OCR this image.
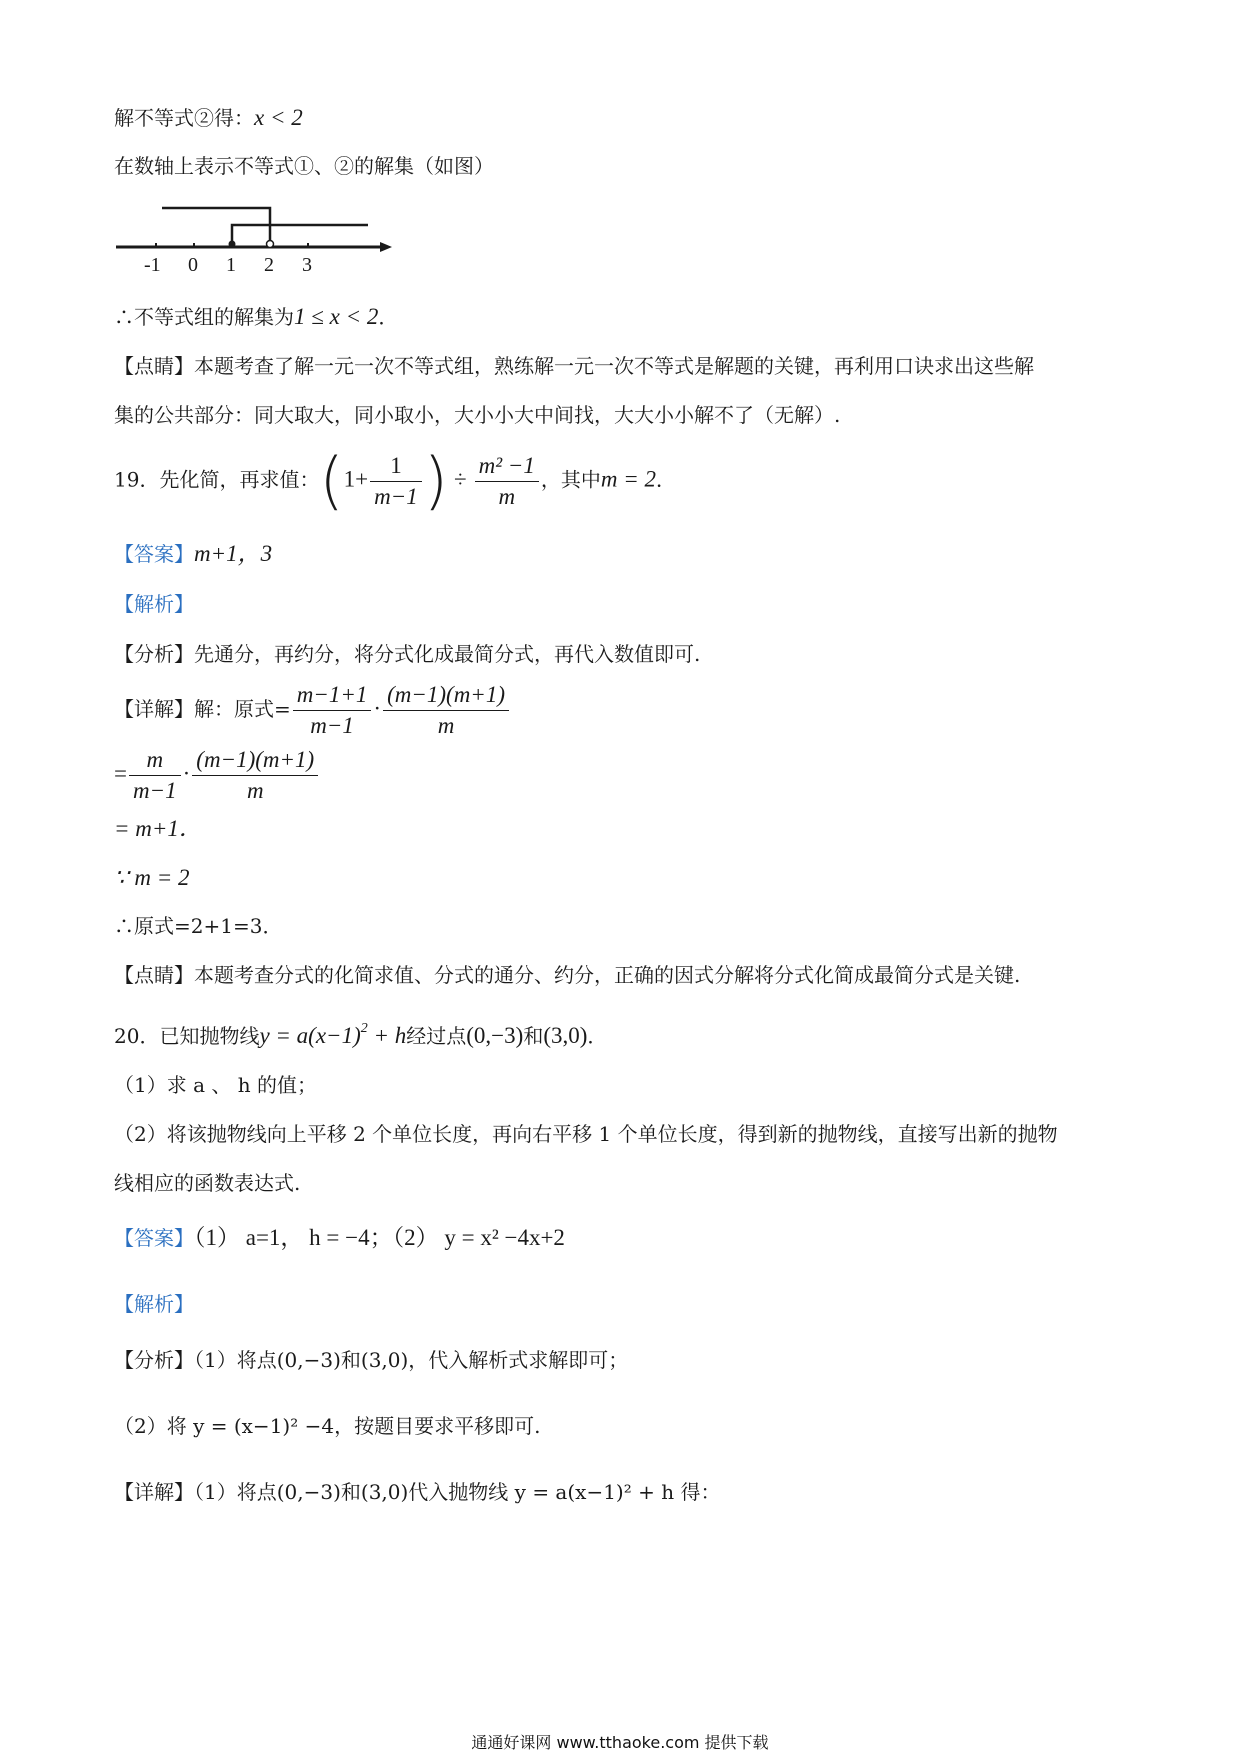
解不等式②得：x < 2
在数轴上表示不等式①、②的解集（如图）
-1 0 1 2 3
∴不等式组的解集为1 ≤ x < 2．
【点睛】本题考查了解一元一次不等式组，熟练解一元一次不等式是解题的关键，再利用口诀求出这些解
集的公共部分：同大取大，同小取小，大小小大中间找，大大小小解不了（无解）.
19．先化简，再求值：($1+ \frac{1}{m-1}$ ) ÷ $\frac{\text{m² −1}}{m}$ ，其中m = 2．
【答案】m+1，3
【解析】
【分析】先通分，再约分，将分式化成最简分式，再代入数值即可.
【详解】解：原式= $\frac{m-1+1}{m-1} \cdot \frac{(m-1)(m+1)}{m}$
= $\frac{m}{m-1} \cdot \frac{(m-1)(m+1)}{m}$
= m+1．
∵ m = 2
∴原式=2+1=3．
【点睛】本题考查分式的化简求值、分式的通分、约分，正确的因式分解将分式化简成最简分式是关键.
20．已知抛物线$y = a(x-1)^2 + h$经过点(0,−3)和(3,0)．
（1）求 a 、 h 的值；
（2）将该抛物线向上平移 2 个单位长度，再向右平移 1 个单位长度，得到新的抛物线，直接写出新的抛物
线相应的函数表达式.
【答案】（1） a=1， h = −4；（2） y = x² −4x+2
【解析】
【分析】（1）将点(0,−3)和(3,0)，代入解析式求解即可；
（2）将 y = (x−1)² −4，按题目要求平移即可.
【详解】（1）将点(0,−3)和(3,0)代入抛物线 y = a(x−1)² + h 得：
通通好课网 www.tthaoke.com 提供下载
